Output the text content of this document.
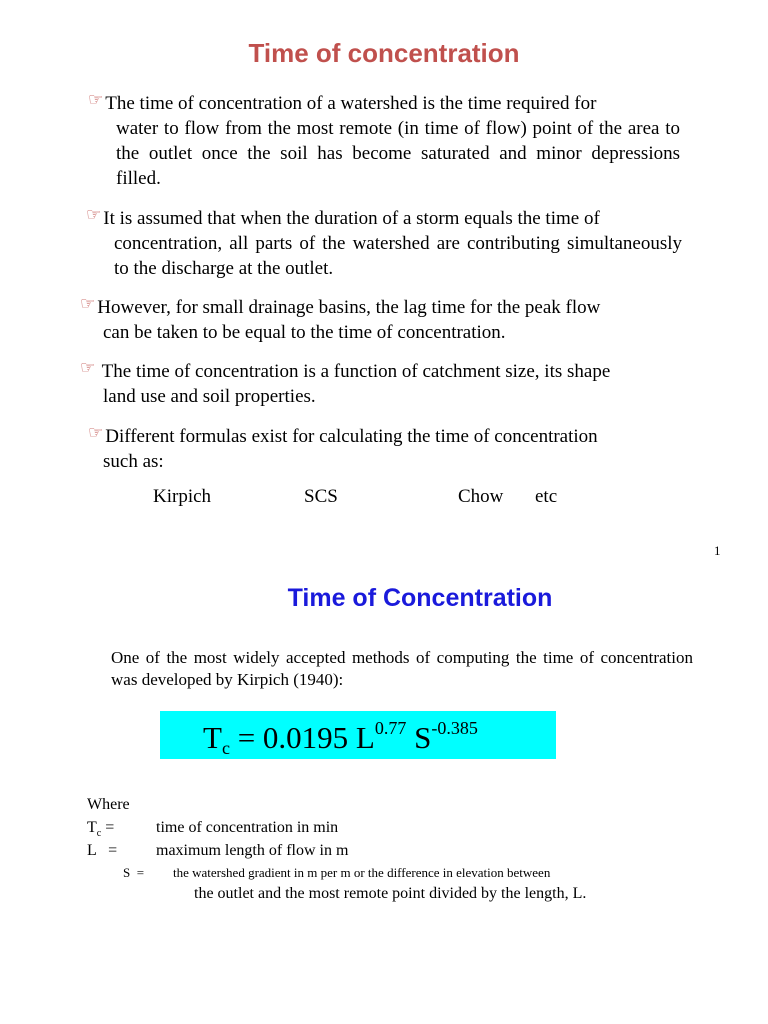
Time of concentration
☞ The time of concentration of a watershed is the time required for
water to flow from the most remote (in time of flow) point of the area to the outlet once the soil has become saturated and minor depressions filled.
☞ It is assumed that when the duration of a storm equals the time of
concentration, all parts of the watershed are contributing simultaneously to the discharge at the outlet.
☞ However, for small drainage basins, the lag time for the peak flow
can be taken to be equal to the time of concentration.
☞ The time of concentration is a function of catchment size, its shape
land use and soil properties.
☞ Different formulas exist for calculating the time of concentration
such as:
Kirpich	SCS	Chow etc
1
Time of Concentration
One of the most widely accepted methods of computing the time of concentration was developed by Kirpich (1940):
$T_c = 0.0195$ $L^{0.77}$ $S^{-0.385}$
Where
$T_c$ =	time of concentration in min
L   = maximum length of flow in m
S  = the watershed gradient in m per m or the difference in elevation between
the outlet and the most remote point divided by the length, L.
